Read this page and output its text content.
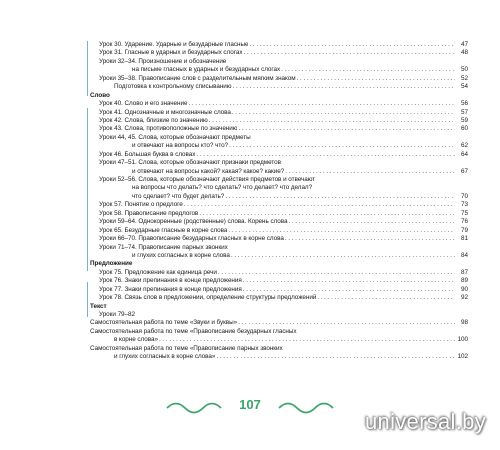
Урок 30. Ударение. Ударные и безударные гласные . . .	47
Урок 31. Гласные в ударных и безударных слогах . . .	48
Уроки 32–34. Произношение и обозначение
на письме гласных в ударных и безударных слогах . . .	50
Уроки 35–38. Правописание слов с разделительным мягким знаком . . .	52
Подготовка к контрольному списыванию . . .	54
Слово
Урок 40. Слово и его значение . . .	56
Урок 41. Однозначные и многозначные слова . . .	57
Урок 42. Слова, близкие по значению . . .	59
Урок 43. Слова, противоположные по значению . . .	60
Уроки 44, 45. Слова, которые обозначают предметы
и отвечают на вопросы кто? что? . . .	62
Урок 46. Большая буква в словах . . .	64
Уроки 47–51. Слова, которые обозначают признаки предметов
и отвечают на вопросы какой? какая? какое? какие? . . .	67
Уроки 52–56. Слова, которые обозначают действия предметов и отвечают
на вопросы что делать? что сделать? что делает? что делал?
что сделает? что будет делать? . . .	70
Урок 57. Понятие о предлоге . . .	73
Урок 58. Правописание предлогов . . .	75
Уроки 59–64. Однокоренные (родственные) слова. Корень слова . . .	76
Урок 65. Безударные гласные в корне слова . . .	79
Уроки 66–70. Правописание безударных гласных в корне слова . . .	81
Уроки 71–74. Правописание парных звонких
и глухих согласных в корне слова . . .	84
Предложение
Урок 75. Предложение как единица речи . . .	87
Урок 76. Знаки препинания в конце предложения . . .	89
Урок 77. Знаки препинания в конце предложения . . .	90
Урок 78. Связь слов в предложении, определение структуры предложений . . .	92
Текст
Уроки 79–82
Самостоятельная работа по теме «Звуки и буквы» . . .	98
Самостоятельная работа по теме «Правописание безударных гласных
в корне слова» . . .	100
Самостоятельная работа по теме «Правописание парных звонких
и глухих согласных в корне слова» . . .	102
107
universal.by
